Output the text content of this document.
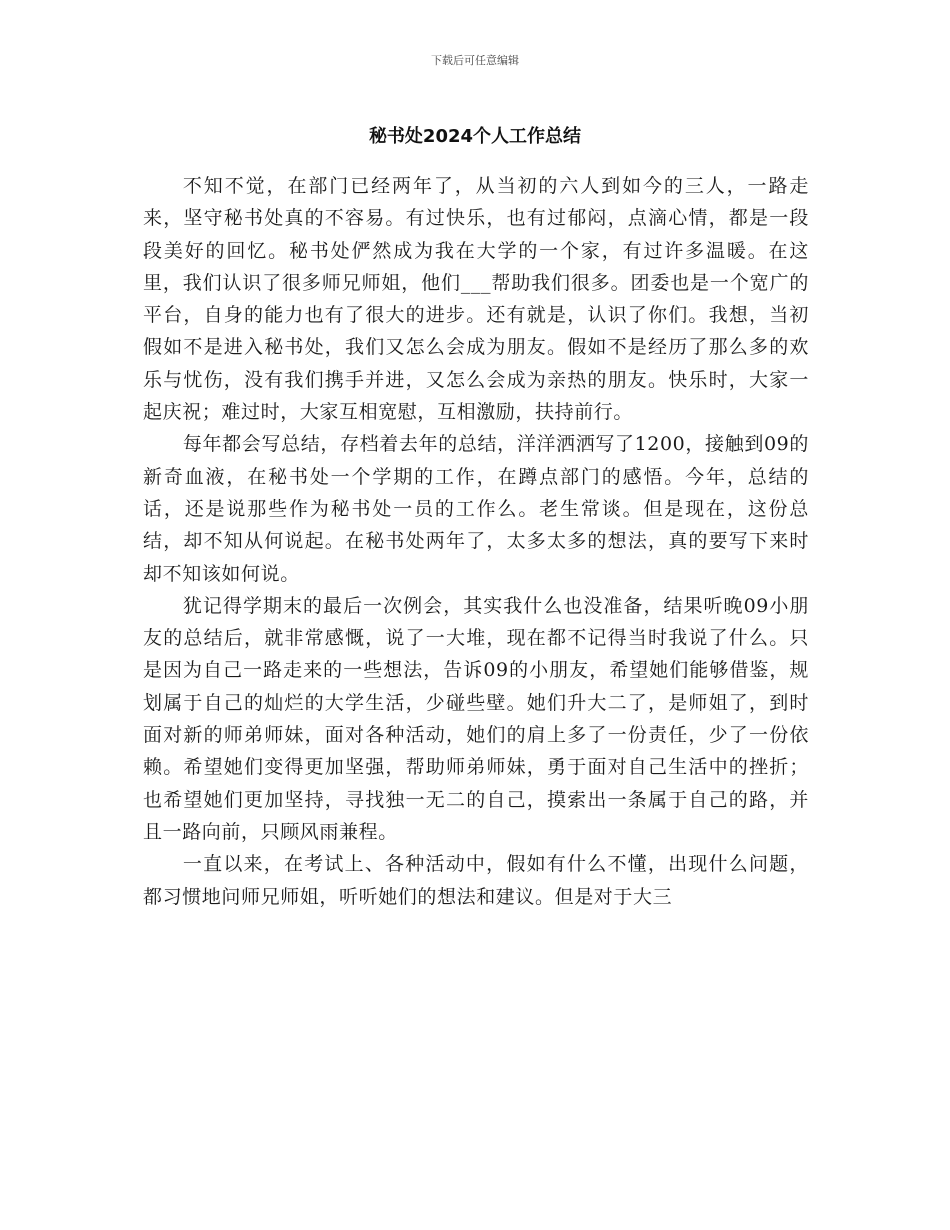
下载后可任意编辑
秘书处2024个人工作总结

不知不觉，在部门已经两年了，从当初的六人到如今的三人，一路走来，坚守秘书处真的不容易。有过快乐，也有过郁闷，点滴心情，都是一段段美好的回忆。秘书处俨然成为我在大学的一个家，有过许多温暖。在这里，我们认识了很多师兄师姐，他们___帮助我们很多。团委也是一个宽广的平台，自身的能力也有了很大的进步。还有就是，认识了你们。我想，当初假如不是进入秘书处，我们又怎么会成为朋友。假如不是经历了那么多的欢乐与忧伤，没有我们携手并进，又怎么会成为亲热的朋友。快乐时，大家一起庆祝；难过时，大家互相宽慰，互相激励，扶持前行。

每年都会写总结，存档着去年的总结，洋洋洒洒写了1200，接触到09的新奇血液，在秘书处一个学期的工作，在蹲点部门的感悟。今年，总结的话，还是说那些作为秘书处一员的工作么。老生常谈。但是现在，这份总结，却不知从何说起。在秘书处两年了，太多太多的想法，真的要写下来时却不知该如何说。

犹记得学期末的最后一次例会，其实我什么也没准备，结果听晚09小朋友的总结后，就非常感慨，说了一大堆，现在都不记得当时我说了什么。只是因为自己一路走来的一些想法，告诉09的小朋友，希望她们能够借鉴，规划属于自己的灿烂的大学生活，少碰些壁。她们升大二了，是师姐了，到时面对新的师弟师妹，面对各种活动，她们的肩上多了一份责任，少了一份依赖。希望她们变得更加坚强，帮助师弟师妹，勇于面对自己生活中的挫折；也希望她们更加坚持，寻找独一无二的自己，摸索出一条属于自己的路，并且一路向前，只顾风雨兼程。

一直以来，在考试上、各种活动中，假如有什么不懂，出现什么问题，都习惯地问师兄师姐，听听她们的想法和建议。但是对于大三
